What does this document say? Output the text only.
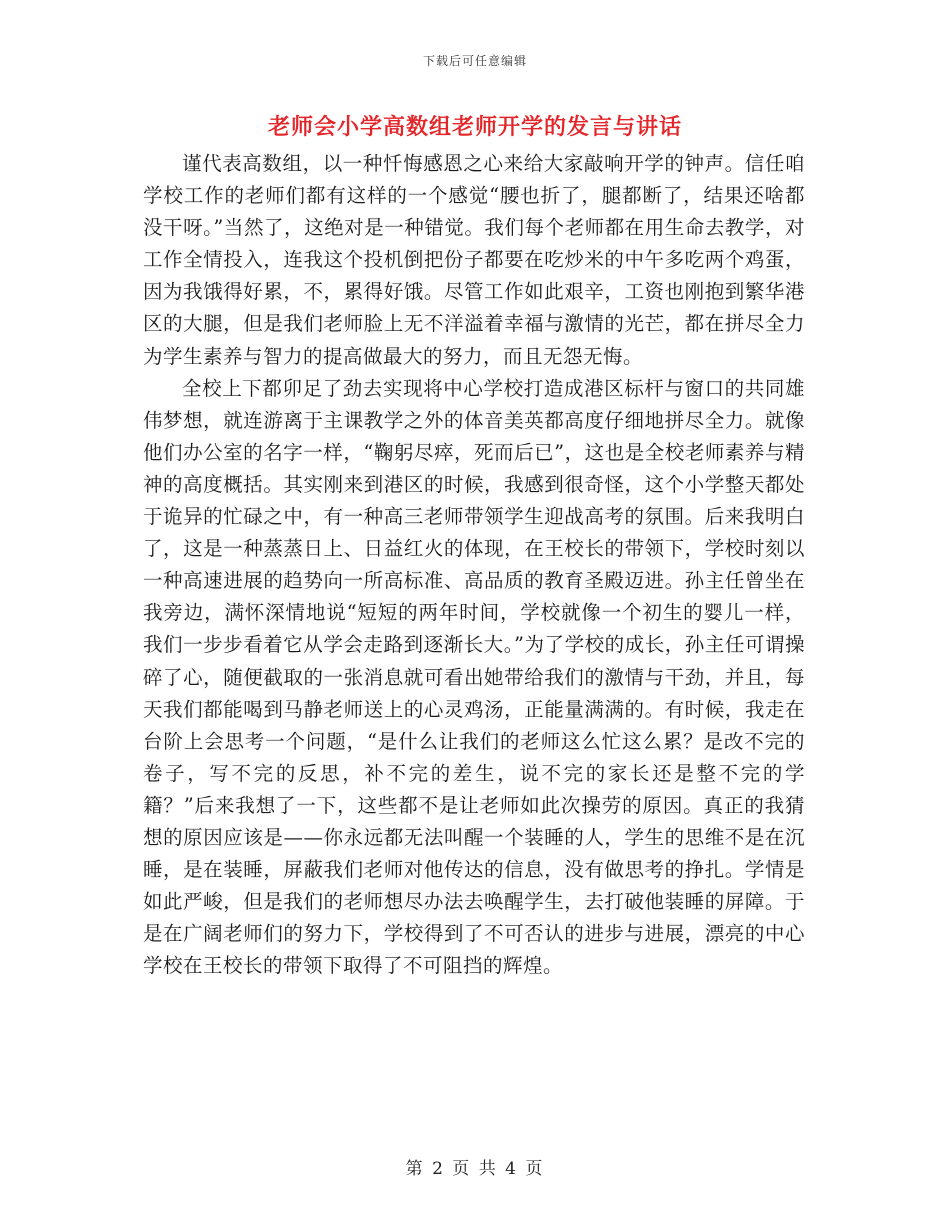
下载后可任意编辑
老师会小学高数组老师开学的发言与讲话

谨代表高数组，以一种忏悔感恩之心来给大家敲响开学的钟声。信任咱学校工作的老师们都有这样的一个感觉“腰也折了，腿都断了，结果还啥都没干呀。”当然了，这绝对是一种错觉。我们每个老师都在用生命去教学，对工作全情投入，连我这个投机倒把份子都要在吃炒米的中午多吃两个鸡蛋，因为我饿得好累，不，累得好饿。尽管工作如此艰辛，工资也刚抱到繁华港区的大腿，但是我们老师脸上无不洋溢着幸福与激情的光芒，都在拼尽全力为学生素养与智力的提高做最大的努力，而且无怨无悔。

全校上下都卯足了劲去实现将中心学校打造成港区标杆与窗口的共同雄伟梦想，就连游离于主课教学之外的体音美英都高度仔细地拼尽全力。就像他们办公室的名字一样，“鞠躬尽瘁，死而后已”，这也是全校老师素养与精神的高度概括。其实刚来到港区的时候，我感到很奇怪，这个小学整天都处于诡异的忙碌之中，有一种高三老师带领学生迎战高考的氛围。后来我明白了，这是一种蒸蒸日上、日益红火的体现，在王校长的带领下，学校时刻以一种高速进展的趋势向一所高标准、高品质的教育圣殿迈进。孙主任曾坐在我旁边，满怀深情地说“短短的两年时间，学校就像一个初生的婴儿一样，我们一步步看着它从学会走路到逐渐长大。”为了学校的成长，孙主任可谓操碎了心，随便截取的一张消息就可看出她带给我们的激情与干劲，并且，每天我们都能喝到马静老师送上的心灵鸡汤，正能量满满的。有时候，我走在台阶上会思考一个问题，“是什么让我们的老师这么忙这么累？是改不完的卷子，写不完的反思，补不完的差生，说不完的家长还是整不完的学籍？”后来我想了一下，这些都不是让老师如此次操劳的原因。真正的我猜想的原因应该是——你永远都无法叫醒一个装睡的人，学生的思维不是在沉睡，是在装睡，屏蔽我们老师对他传达的信息，没有做思考的挣扎。学情是如此严峻，但是我们的老师想尽办法去唤醒学生，去打破他装睡的屏障。于是在广阔老师们的努力下，学校得到了不可否认的进步与进展，漂亮的中心学校在王校长的带领下取得了不可阻挡的辉煌。

第 2 页 共 4 页
